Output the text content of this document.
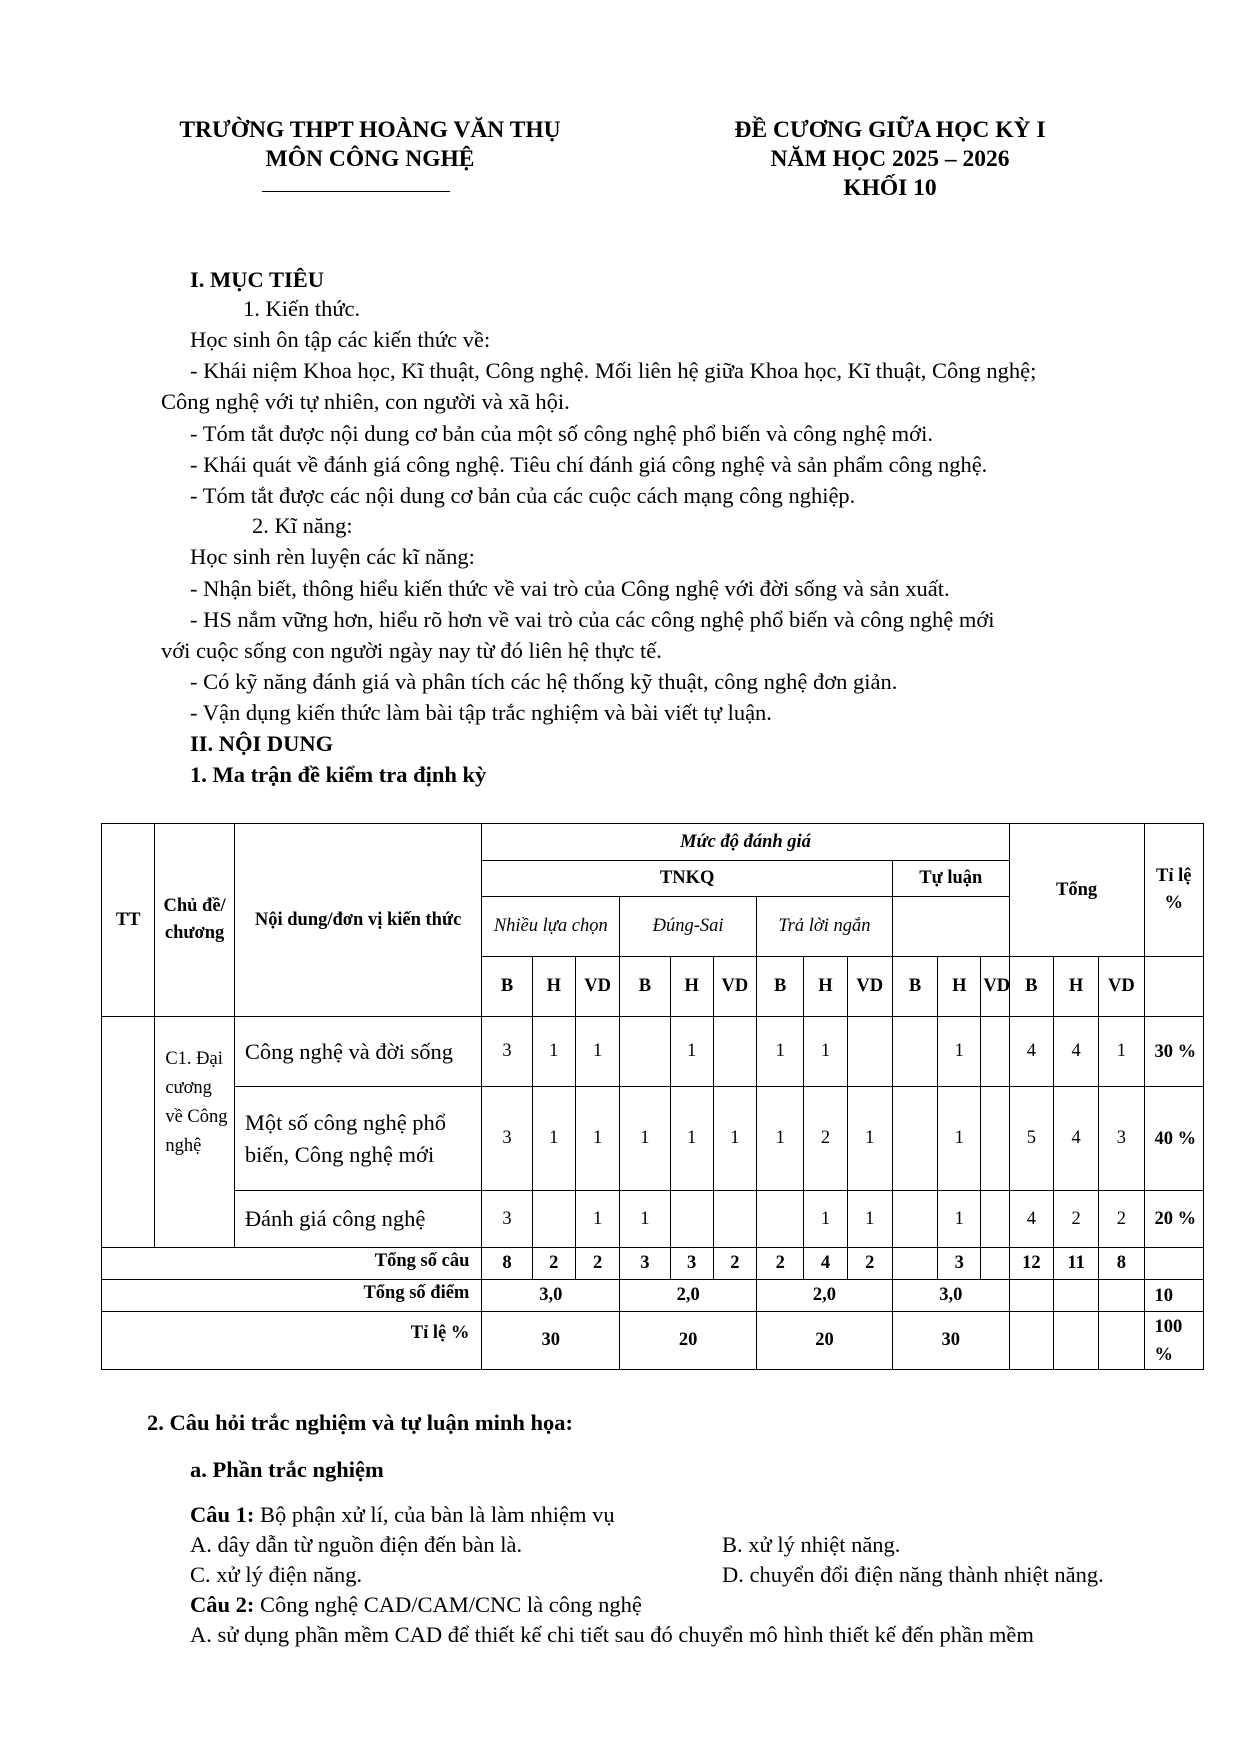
TRƯỜNG THPT HOÀNG VĂN THỤ
MÔN CÔNG NGHỆ
ĐỀ CƯƠNG GIỮA HỌC KỲ I
NĂM HỌC 2025 – 2026
KHỐI 10
I. MỤC TIÊU
1. Kiến thức.
Học sinh ôn tập các kiến thức về:
- Khái niệm Khoa học, Kĩ thuật, Công nghệ. Mối liên hệ giữa Khoa học, Kĩ thuật, Công nghệ;
Công nghệ với tự nhiên, con người và xã hội.
- Tóm tắt được nội dung cơ bản của một số công nghệ phổ biến và công nghệ mới.
- Khái quát về đánh giá công nghệ. Tiêu chí đánh giá công nghệ và sản phẩm công nghệ.
- Tóm tắt được các nội dung cơ bản của các cuộc cách mạng công nghiệp.
2. Kĩ năng:
Học sinh rèn luyện các kĩ năng:
- Nhận biết, thông hiểu kiến thức về vai trò của Công nghệ với đời sống và sản xuất.
- HS nắm vững hơn, hiểu rõ hơn về vai trò của các công nghệ phổ biến và công nghệ mới
với cuộc sống con người ngày nay từ đó liên hệ thực tế.
- Có kỹ năng đánh giá và phân tích các hệ thống kỹ thuật, công nghệ đơn giản.
- Vận dụng kiến thức làm bài tập trắc nghiệm và bài viết tự luận.
II. NỘI DUNG
1. Ma trận đề kiểm tra định kỳ
TT	Chủ đề/ chương	Nội dung/đơn vị kiến thức	Mức độ đánh giá												Tổng			Tỉ lệ %
			TNKQ									Tự luận						
			Nhiều lựa chọn			Đúng-Sai			Trả lời ngắn									
			B	H	VD	B	H	VD	B	H	VD	B	H	VD	B	H	VD	
	C1. Đại cương về Công nghệ	Công nghệ và đời sống	3	1	1		1		1	1			1		4	4	1	30 %
		Một số công nghệ phổ biến, Công nghệ mới	3	1	1	1	1	1	1	2	1		1		5	4	3	40 %
		Đánh giá công nghệ	3		1	1				1	1		1		4	2	2	20 %
Tổng số câu			8	2	2	3	3	2	2	4	2		3		12	11	8	
Tổng số điểm			3,0			2,0			2,0			3,0						10
Tỉ lệ %			30			20			20			30						100 %
2. Câu hỏi trắc nghiệm và tự luận minh họa:
a. Phần trắc nghiệm
Câu 1: Bộ phận xử lí, của bàn là làm nhiệm vụ
A. dây dẫn từ nguồn điện đến bàn là.	B. xử lý nhiệt năng.
C. xử lý điện năng.	D. chuyển đổi điện năng thành nhiệt năng.
Câu 2: Công nghệ CAD/CAM/CNC là công nghệ
A. sử dụng phần mềm CAD để thiết kế chi tiết sau đó chuyển mô hình thiết kế đến phần mềm
